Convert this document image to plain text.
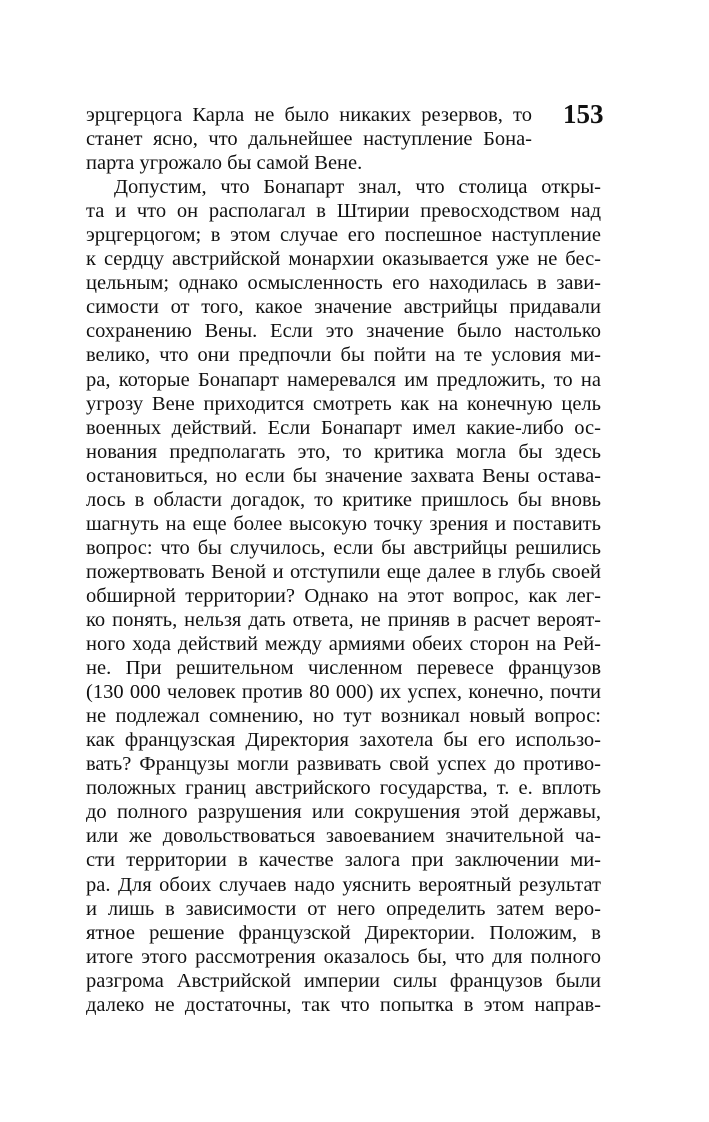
153
эрцгерцога Карла не было никаких резервов, то
станет ясно, что дальнейшее наступление Бона-
парта угрожало бы самой Вене.
Допустим, что Бонапарт знал, что столица откры-
та и что он располагал в Штирии превосходством над
эрцгерцогом; в этом случае его поспешное наступление
к сердцу австрийской монархии оказывается уже не бес-
цельным; однако осмысленность его находилась в зави-
симости от того, какое значение австрийцы придавали
сохранению Вены. Если это значение было настолько
велико, что они предпочли бы пойти на те условия ми-
ра, которые Бонапарт намеревался им предложить, то на
угрозу Вене приходится смотреть как на конечную цель
военных действий. Если Бонапарт имел какие-либо ос-
нования предполагать это, то критика могла бы здесь
остановиться, но если бы значение захвата Вены остава-
лось в области догадок, то критике пришлось бы вновь
шагнуть на еще более высокую точку зрения и поставить
вопрос: что бы случилось, если бы австрийцы решились
пожертвовать Веной и отступили еще далее в глубь своей
обширной территории? Однако на этот вопрос, как лег-
ко понять, нельзя дать ответа, не приняв в расчет вероят-
ного хода действий между армиями обеих сторон на Рей-
не. При решительном численном перевесе французов
(130 000 человек против 80 000) их успех, конечно, почти
не подлежал сомнению, но тут возникал новый вопрос:
как французская Директория захотела бы его использо-
вать? Французы могли развивать свой успех до противо-
положных границ австрийского государства, т. е. вплоть
до полного разрушения или сокрушения этой державы,
или же довольствоваться завоеванием значительной ча-
сти территории в качестве залога при заключении ми-
ра. Для обоих случаев надо уяснить вероятный результат
и лишь в зависимости от него определить затем веро-
ятное решение французской Директории. Положим, в
итоге этого рассмотрения оказалось бы, что для полного
разгрома Австрийской империи силы французов были
далеко не достаточны, так что попытка в этом направ-
